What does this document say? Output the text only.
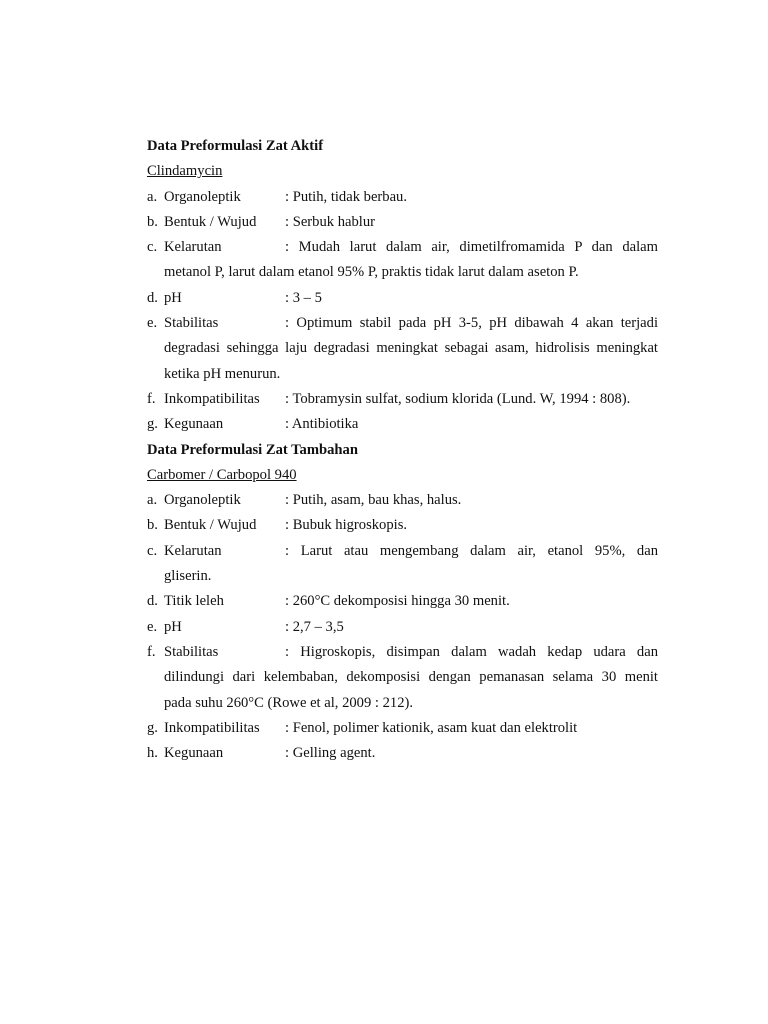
Data Preformulasi Zat Aktif
Clindamycin
a. Organoleptik	: Putih, tidak berbau.
b. Bentuk / Wujud : Serbuk hablur
c. Kelarutan	: Mudah larut dalam air, dimetilfromamida P dan dalam
metanol P, larut dalam etanol 95% P, praktis tidak larut dalam aseton P.
d. pH	: 3 – 5
e. Stabilitas	: Optimum stabil pada pH 3-5, pH dibawah 4 akan terjadi
degradasi sehingga laju degradasi meningkat sebagai asam, hidrolisis meningkat
ketika pH menurun.
f. Inkompatibilitas : Tobramysin sulfat, sodium klorida (Lund. W, 1994 : 808).
g. Kegunaan	: Antibiotika
Data Preformulasi Zat Tambahan
Carbomer / Carbopol 940
a. Organoleptik	: Putih, asam, bau khas, halus.
b. Bentuk / Wujud : Bubuk higroskopis.
c. Kelarutan	: Larut atau mengembang dalam air, etanol 95%, dan
gliserin.
d. Titik leleh	: 260°C dekomposisi hingga 30 menit.
e. pH	: 2,7 – 3,5
f. Stabilitas	: Higroskopis, disimpan dalam wadah kedap udara dan
dilindungi dari kelembaban, dekomposisi dengan pemanasan selama 30 menit
pada suhu 260°C (Rowe et al, 2009 : 212).
g. Inkompatibilitas : Fenol, polimer kationik, asam kuat dan elektrolit
h. Kegunaan	: Gelling agent.
